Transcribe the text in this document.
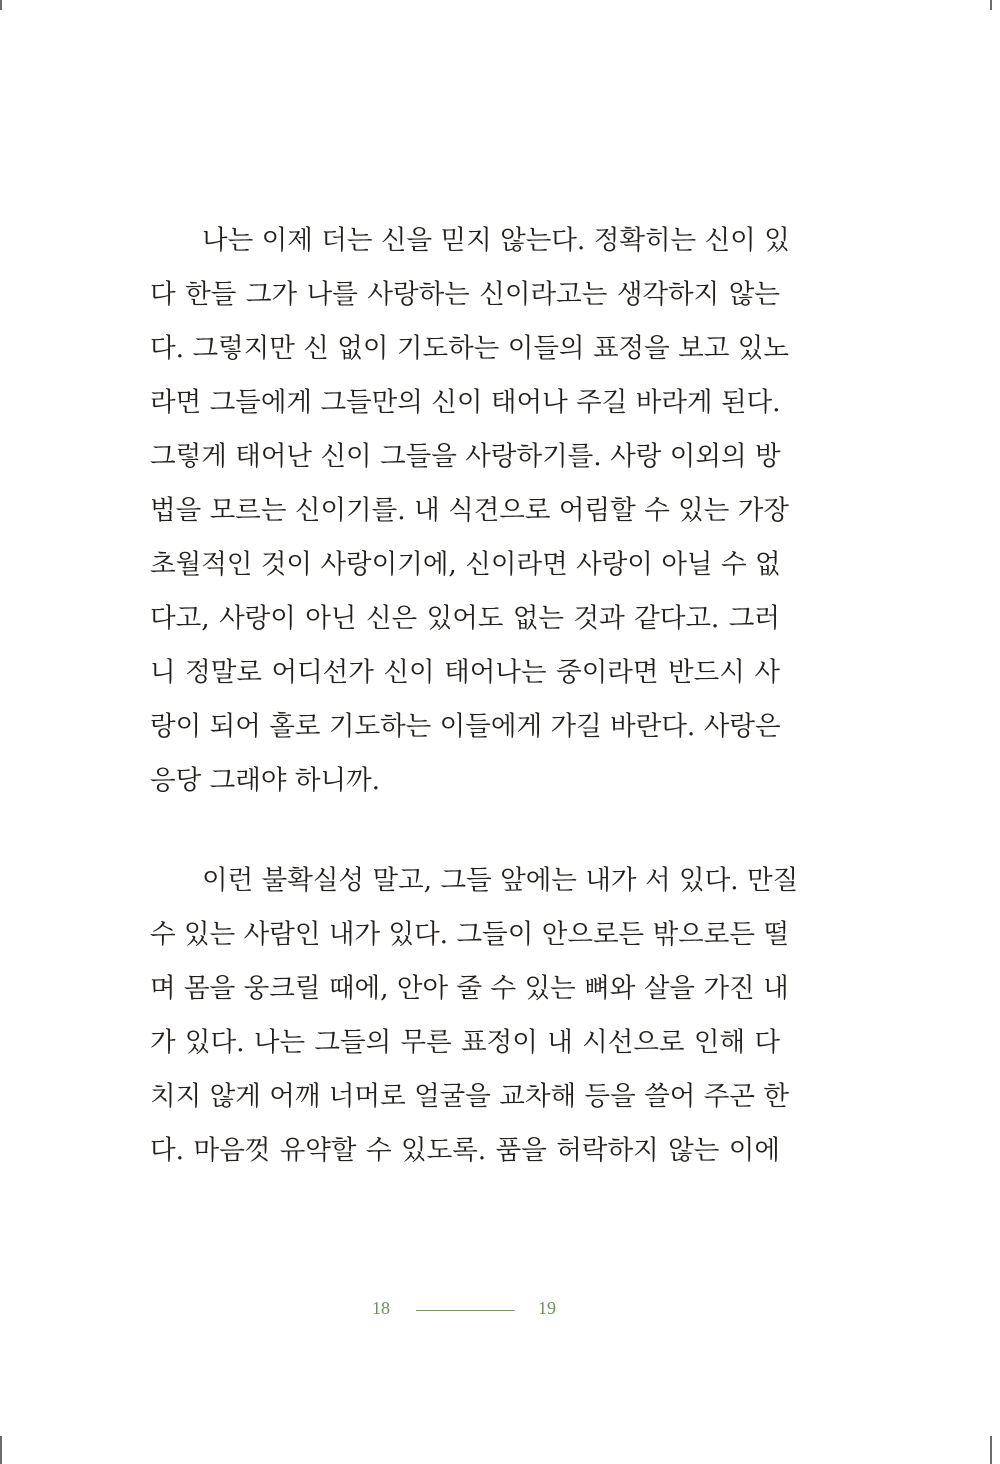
나는 이제 더는 신을 믿지 않는다. 정확히는 신이 있
다 한들 그가 나를 사랑하는 신이라고는 생각하지 않는
다. 그렇지만 신 없이 기도하는 이들의 표정을 보고 있노
라면 그들에게 그들만의 신이 태어나 주길 바라게 된다.
그렇게 태어난 신이 그들을 사랑하기를. 사랑 이외의 방
법을 모르는 신이기를. 내 식견으로 어림할 수 있는 가장
초월적인 것이 사랑이기에, 신이라면 사랑이 아닐 수 없
다고, 사랑이 아닌 신은 있어도 없는 것과 같다고. 그러
니 정말로 어디선가 신이 태어나는 중이라면 반드시 사
랑이 되어 홀로 기도하는 이들에게 가길 바란다. 사랑은
응당 그래야 하니까.
이런 불확실성 말고, 그들 앞에는 내가 서 있다. 만질
수 있는 사람인 내가 있다. 그들이 안으로든 밖으로든 떨
며 몸을 웅크릴 때에, 안아 줄 수 있는 뼈와 살을 가진 내
가 있다. 나는 그들의 무른 표정이 내 시선으로 인해 다
치지 않게 어깨 너머로 얼굴을 교차해 등을 쓸어 주곤 한
다. 마음껏 유약할 수 있도록. 품을 허락하지 않는 이에
18	19
